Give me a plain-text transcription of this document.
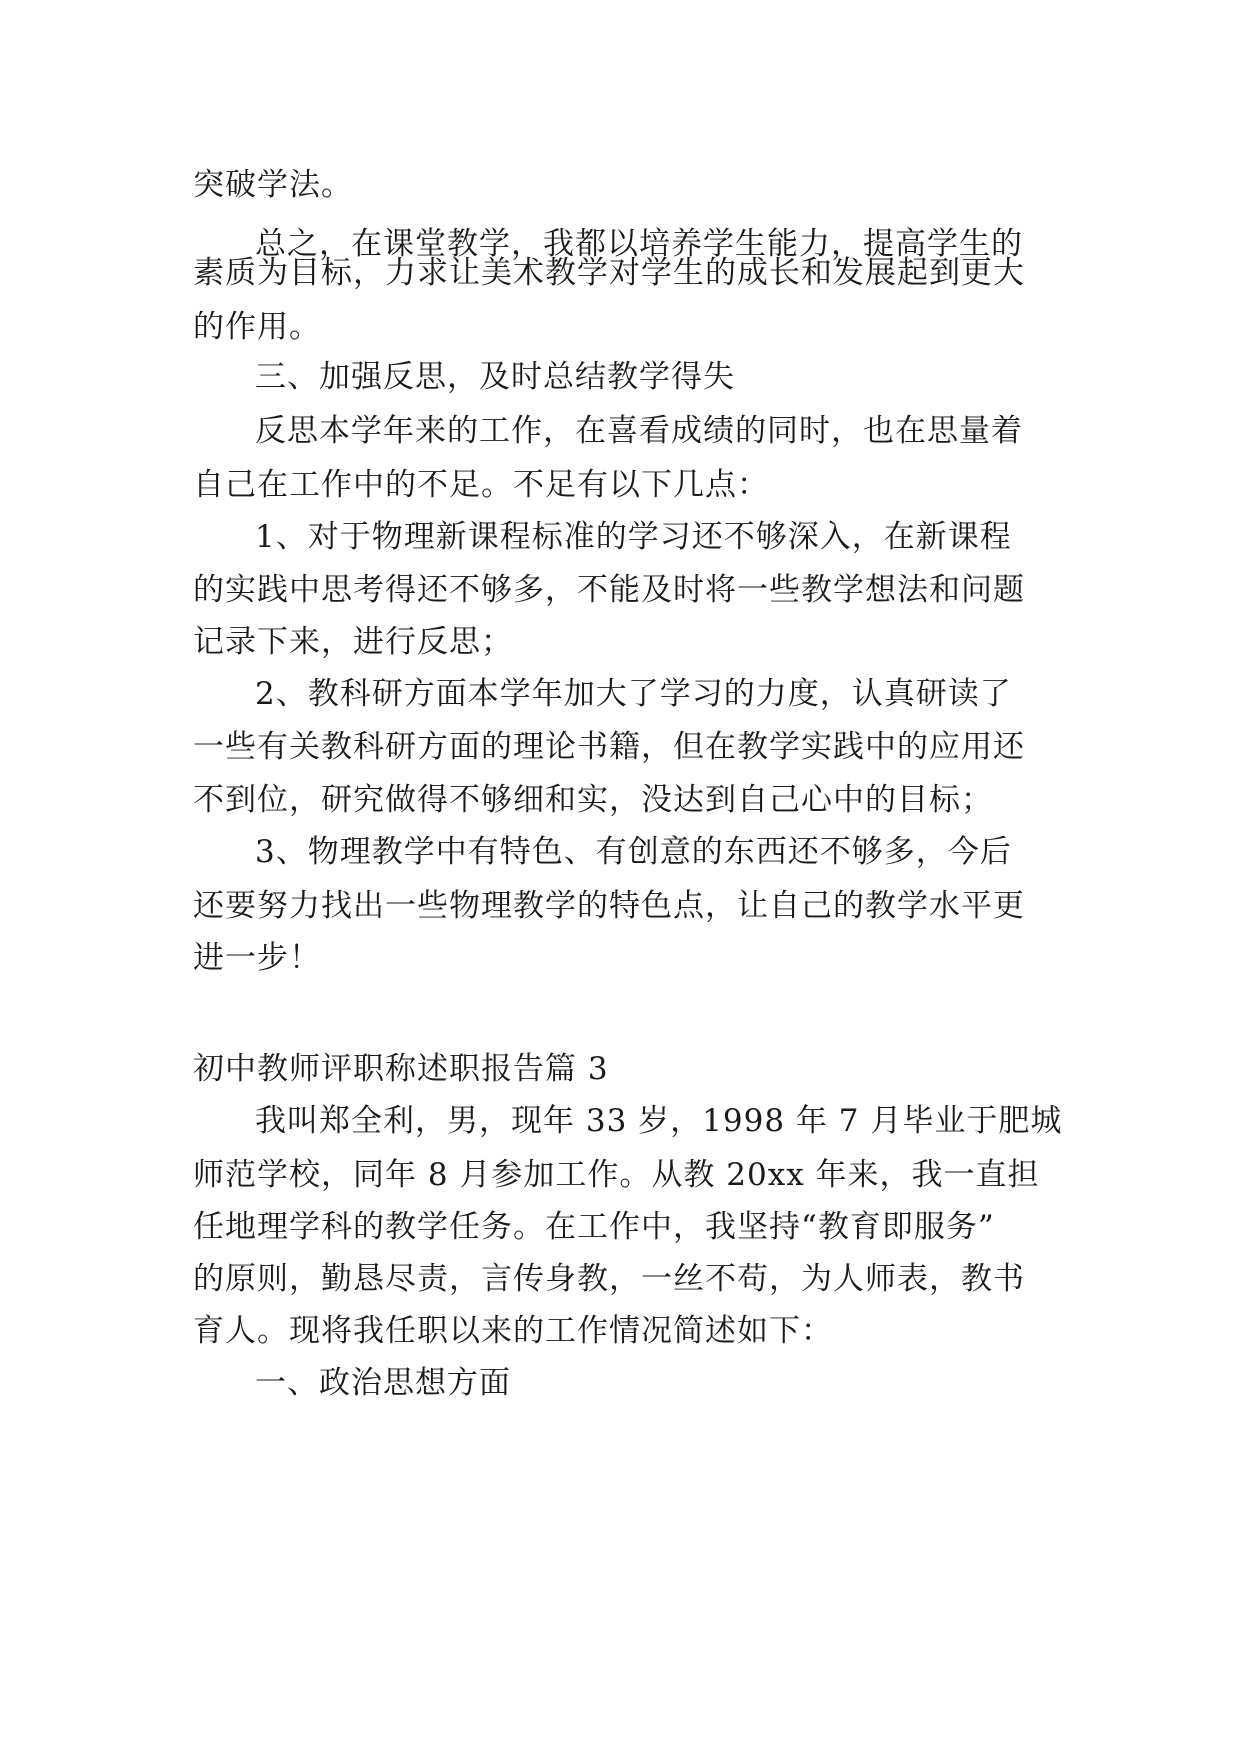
突破学法。
总之，在课堂教学，我都以培养学生能力，提高学生的
素质为目标，力求让美术教学对学生的成长和发展起到更大
的作用。
三、加强反思，及时总结教学得失
反思本学年来的工作，在喜看成绩的同时，也在思量着
自己在工作中的不足。不足有以下几点：
1、对于物理新课程标准的学习还不够深入，在新课程
的实践中思考得还不够多，不能及时将一些教学想法和问题
记录下来，进行反思；
2、教科研方面本学年加大了学习的力度，认真研读了
一些有关教科研方面的理论书籍，但在教学实践中的应用还
不到位，研究做得不够细和实，没达到自己心中的目标；
3、物理教学中有特色、有创意的东西还不够多，今后
还要努力找出一些物理教学的特色点，让自己的教学水平更
进一步！
初中教师评职称述职报告篇 3
我叫郑全利，男，现年 33 岁，1998 年 7 月毕业于肥城
师范学校，同年 8 月参加工作。从教 20xx 年来，我一直担
任地理学科的教学任务。在工作中，我坚持“教育即服务”
的原则，勤恳尽责，言传身教，一丝不苟，为人师表，教书
育人。现将我任职以来的工作情况简述如下：
一、政治思想方面
